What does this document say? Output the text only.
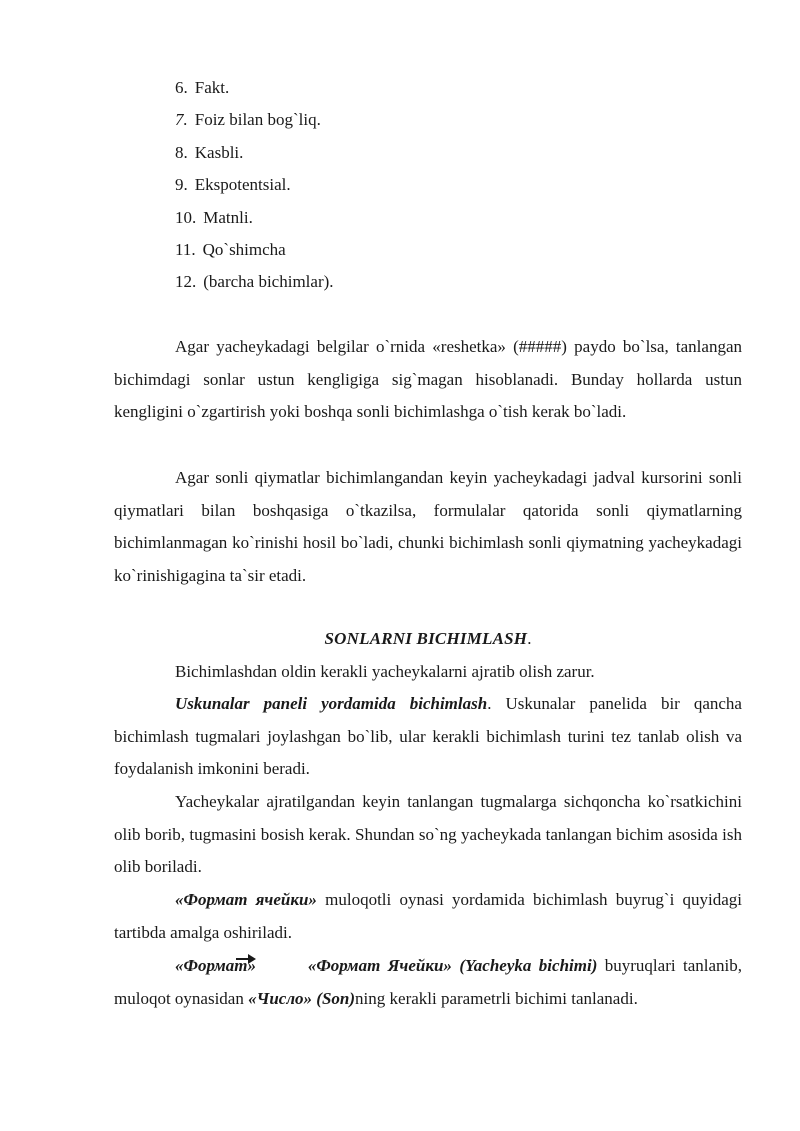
6. Fakt.
7. Foiz bilan bog`liq.
8. Kasbli.
9. Ekspotentsial.
10. Matnli.
11. Qo`shimcha
12. (barcha bichimlar).

Agar yacheykadagi belgilar o`rnida «reshetka» (#####) paydo bo`lsa, tanlangan bichimdagi sonlar ustun kengligiga sig`magan hisoblanadi. Bunday hollarda ustun kengligini o`zgartirish yoki boshqa sonli bichimlashga o`tish kerak bo`ladi.

Agar sonli qiymatlar bichimlangandan keyin yacheykadagi jadval kursorini sonli qiymatlari bilan boshqasiga o`tkazilsa, formulalar qatorida sonli qiymatlarning bichimlanmagan ko`rinishi hosil bo`ladi, chunki bichimlash sonli qiymatning yacheykadagi ko`rinishigagina ta`sir etadi.

SONLARNI BICHIMLASH.

Bichimlashdan oldin kerakli yacheykalarni ajratib olish zarur.

Uskunalar paneli yordamida bichimlash. Uskunalar panelida bir qancha bichimlash tugmalari joylashgan bo`lib, ular kerakli bichimlash turini tez tanlab olish va foydalanish imkonini beradi.

Yacheykalar ajratilgandan keyin tanlangan tugmalarga sichqoncha ko`rsatkichini olib borib, tugmasini bosish kerak. Shundan so`ng yacheykada tanlangan bichim asosida ish olib boriladi.

«Формат ячейки» muloqotli oynasi yordamida bichimlash buyrug`i quyidagi tartibda amalga oshiriladi.

«Формат»	«Формат Ячейки» (Yacheyka bichimi) buyruqlari tanlanib, muloqot oynasidan «Число» (Son)ning kerakli parametrli bichimi tanlanadi.
